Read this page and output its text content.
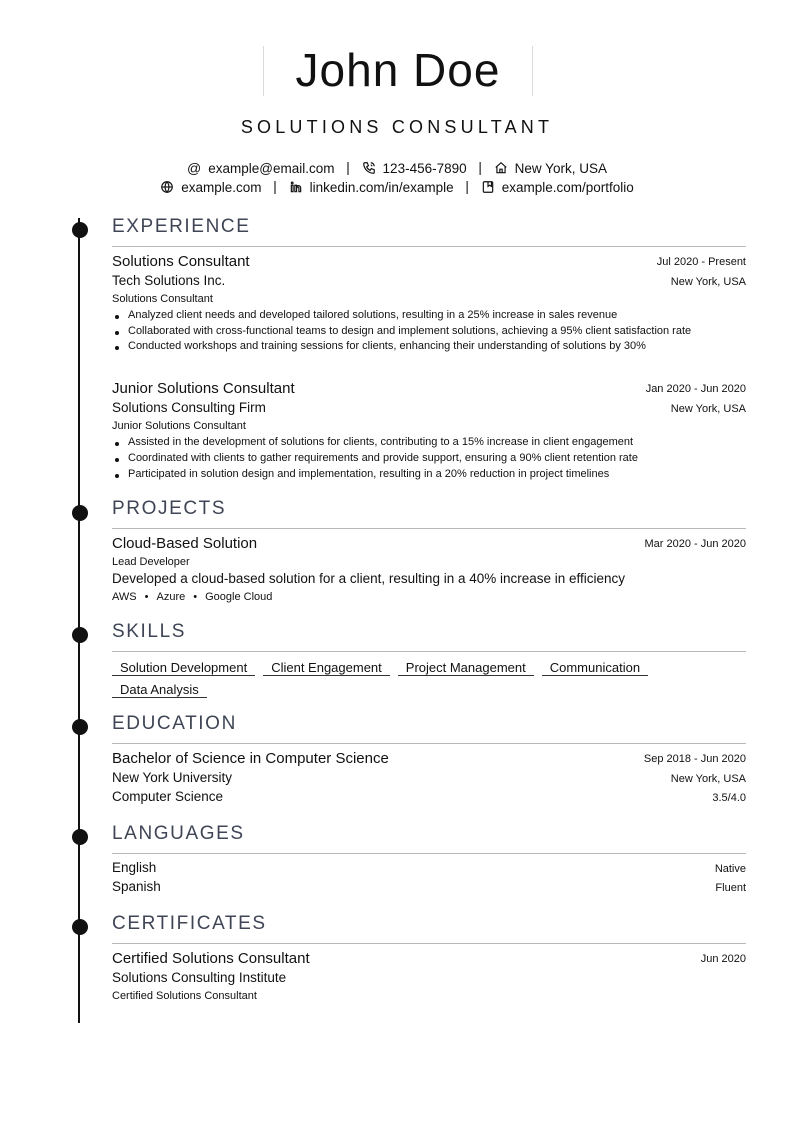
John Doe
SOLUTIONS CONSULTANT
@ example@email.com | 123-456-7890 | New York, USA
example.com | linkedin.com/in/example | example.com/portfolio
EXPERIENCE
Solutions Consultant	Jul 2020 - Present
Tech Solutions Inc.	New York, USA
Solutions Consultant
Analyzed client needs and developed tailored solutions, resulting in a 25% increase in sales revenue
Collaborated with cross-functional teams to design and implement solutions, achieving a 95% client satisfaction rate
Conducted workshops and training sessions for clients, enhancing their understanding of solutions by 30%
Junior Solutions Consultant	Jan 2020 - Jun 2020
Solutions Consulting Firm	New York, USA
Junior Solutions Consultant
Assisted in the development of solutions for clients, contributing to a 15% increase in client engagement
Coordinated with clients to gather requirements and provide support, ensuring a 90% client retention rate
Participated in solution design and implementation, resulting in a 20% reduction in project timelines
PROJECTS
Cloud-Based Solution	Mar 2020 - Jun 2020
Lead Developer
Developed a cloud-based solution for a client, resulting in a 40% increase in efficiency
AWS • Azure • Google Cloud
SKILLS
Solution Development Client Engagement Project Management Communication
Data Analysis
EDUCATION
Bachelor of Science in Computer Science	Sep 2018 - Jun 2020
New York University	New York, USA
Computer Science	3.5/4.0
LANGUAGES
English	Native
Spanish	Fluent
CERTIFICATES
Certified Solutions Consultant	Jun 2020
Solutions Consulting Institute
Certified Solutions Consultant
